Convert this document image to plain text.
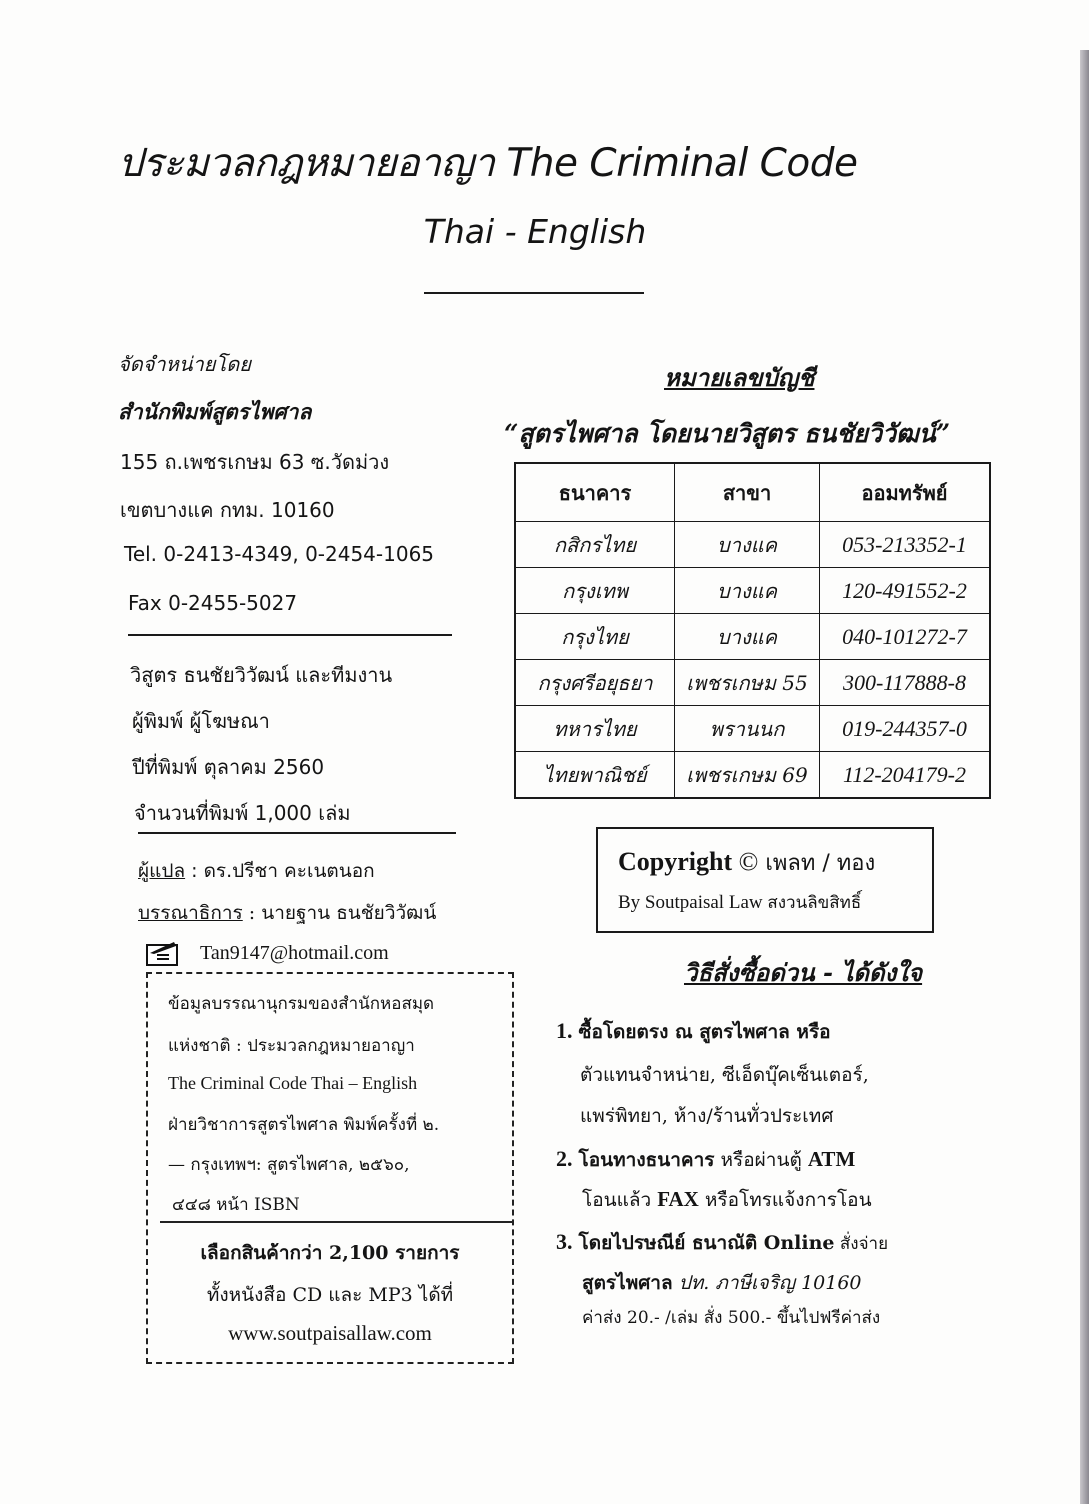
ประมวลกฎหมายอาญา The Criminal Code
Thai - English
จัดจำหน่ายโดย
สำนักพิมพ์สูตรไพศาล
155 ถ.เพชรเกษม 63 ซ.วัดม่วง
เขตบางแค กทม. 10160
Tel. 0-2413-4349, 0-2454-1065
Fax 0-2455-5027
วิสูตร ธนชัยวิวัฒน์ และทีมงาน
ผู้พิมพ์ ผู้โฆษณา
ปีที่พิมพ์ ตุลาคม 2560
จำนวนที่พิมพ์ 1,000 เล่ม
ผู้แปล : ดร.ปรีชา คะเนตนอก
บรรณาธิการ : นายฐาน ธนชัยวิวัฒน์
Tan9147@hotmail.com
ข้อมูลบรรณานุกรมของสำนักหอสมุด
แห่งชาติ : ประมวลกฎหมายอาญา
The Criminal Code Thai – English
ฝ่ายวิชาการสูตรไพศาล พิมพ์ครั้งที่ ๒.
— กรุงเทพฯ: สูตรไพศาล, ๒๕๖๐,
๔๔๘ หน้า ISBN
เลือกสินค้ากว่า 2,100 รายการ
ทั้งหนังสือ CD และ MP3 ได้ที่
www.soutpaisallaw.com
หมายเลขบัญชี
“สูตรไพศาล โดยนายวิสูตร ธนชัยวิวัฒน์”
ธนาคาร	สาขา	ออมทรัพย์
กสิกรไทย	บางแค	053-213352-1
กรุงเทพ	บางแค	120-491552-2
กรุงไทย	บางแค	040-101272-7
กรุงศรีอยุธยา	เพชรเกษม 55	300-117888-8
ทหารไทย	พรานนก	019-244357-0
ไทยพาณิชย์	เพชรเกษม 69	112-204179-2
Copyright © เพลท / ทอง
By Soutpaisal Law สงวนลิขสิทธิ์
วิธีสั่งซื้อด่วน - ได้ดังใจ
1. ซื้อโดยตรง ณ สูตรไพศาล หรือ
ตัวแทนจำหน่าย, ซีเอ็ดบุ๊คเซ็นเตอร์,
แพร่พิทยา, ห้าง/ร้านทั่วประเทศ
2. โอนทางธนาคาร หรือผ่านตู้ ATM
โอนแล้ว FAX หรือโทรแจ้งการโอน
3. โดยไปรษณีย์ ธนาณัติ Online สั่งจ่าย
สูตรไพศาล ปท. ภาษีเจริญ 10160
ค่าส่ง 20.- /เล่ม สั่ง 500.- ขึ้นไปฟรีค่าส่ง
